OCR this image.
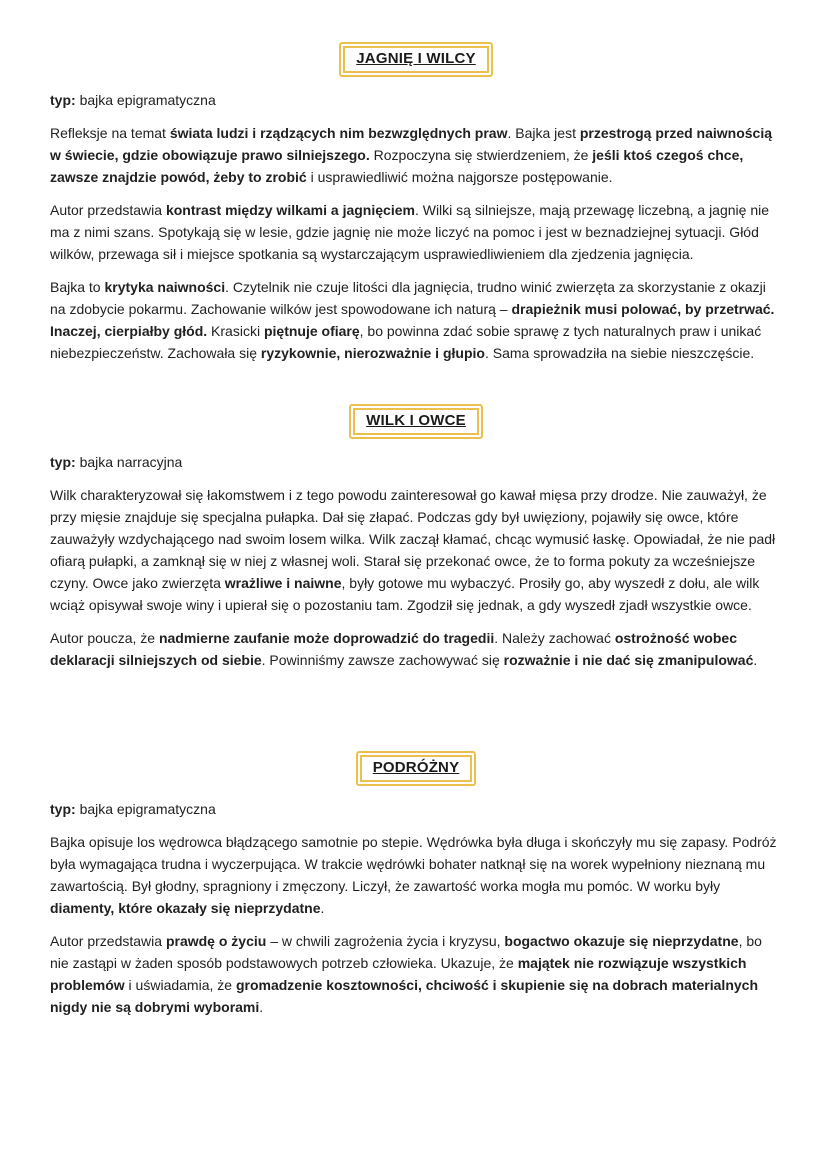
JAGNIĘ I WILCY

typ: bajka epigramatyczna

Refleksje na temat świata ludzi i rządzących nim bezwzględnych praw. Bajka jest przestrogą przed naiwnością w świecie, gdzie obowiązuje prawo silniejszego. Rozpoczyna się stwierdzeniem, że jeśli ktoś czegoś chce, zawsze znajdzie powód, żeby to zrobić i usprawiedliwić można najgorsze postępowanie.

Autor przedstawia kontrast między wilkami a jagnięciem. Wilki są silniejsze, mają przewagę liczebną, a jagnię nie ma z nimi szans. Spotykają się w lesie, gdzie jagnię nie może liczyć na pomoc i jest w beznadziejnej sytuacji. Głód wilków, przewaga sił i miejsce spotkania są wystarczającym usprawiedliwieniem dla zjedzenia jagnięcia.

Bajka to krytyka naiwności. Czytelnik nie czuje litości dla jagnięcia, trudno winić zwierzęta za skorzystanie z okazji na zdobycie pokarmu. Zachowanie wilków jest spowodowane ich naturą – drapieżnik musi polować, by przetrwać. Inaczej, cierpiałby głód. Krasicki piętnuje ofiarę, bo powinna zdać sobie sprawę z tych naturalnych praw i unikać niebezpieczeństw. Zachowała się ryzykownie, nierozważnie i głupio. Sama sprowadziła na siebie nieszczęście.

WILK I OWCE

typ: bajka narracyjna

Wilk charakteryzował się łakomstwem i z tego powodu zainteresował go kawał mięsa przy drodze. Nie zauważył, że przy mięsie znajduje się specjalna pułapka. Dał się złapać. Podczas gdy był uwięziony, pojawiły się owce, które zauważyły wzdychającego nad swoim losem wilka. Wilk zaczął kłamać, chcąc wymusić łaskę. Opowiadał, że nie padł ofiarą pułapki, a zamknął się w niej z własnej woli. Starał się przekonać owce, że to forma pokuty za wcześniejsze czyny. Owce jako zwierzęta wrażliwe i naiwne, były gotowe mu wybaczyć. Prosiły go, aby wyszedł z dołu, ale wilk wciąż opisywał swoje winy i upierał się o pozostaniu tam. Zgodził się jednak, a gdy wyszedł zjadł wszystkie owce.

Autor poucza, że nadmierne zaufanie może doprowadzić do tragedii. Należy zachować ostrożność wobec deklaracji silniejszych od siebie. Powinniśmy zawsze zachowywać się rozważnie i nie dać się zmanipulować.

PODRÓŻNY

typ: bajka epigramatyczna

Bajka opisuje los wędrowca błądzącego samotnie po stepie. Wędrówka była długa i skończyły mu się zapasy. Podróż była wymagająca trudna i wyczerpująca. W trakcie wędrówki bohater natknął się na worek wypełniony nieznaną mu zawartością. Był głodny, spragniony i zmęczony. Liczył, że zawartość worka mogła mu pomóc. W worku były diamenty, które okazały się nieprzydatne.

Autor przedstawia prawdę o życiu – w chwili zagrożenia życia i kryzysu, bogactwo okazuje się nieprzydatne, bo nie zastąpi w żaden sposób podstawowych potrzeb człowieka. Ukazuje, że majątek nie rozwiązuje wszystkich problemów i uświadamia, że gromadzenie kosztowności, chciwość i skupienie się na dobrach materialnych nigdy nie są dobrymi wyborami.
